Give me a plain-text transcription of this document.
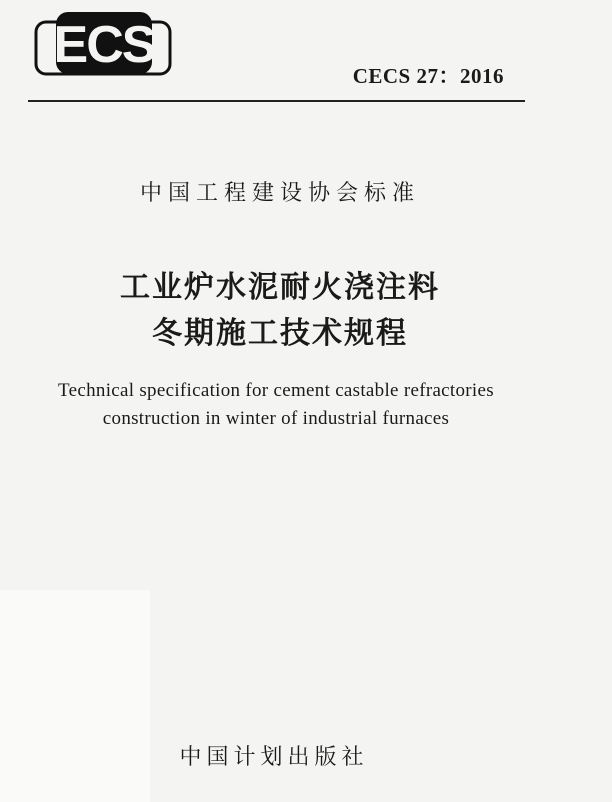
ECS
CECS 27：2016
中国工程建设协会标准
工业炉水泥耐火浇注料
冬期施工技术规程
Technical specification for cement castable refractories
construction in winter of industrial furnaces
中国计划出版社
